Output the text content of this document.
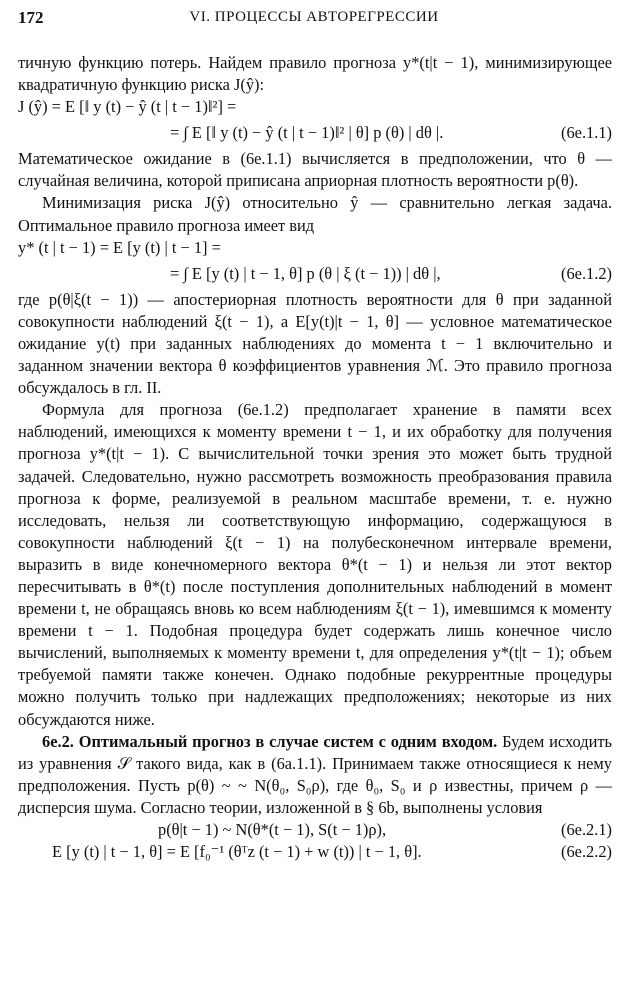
172	VI. ПРОЦЕССЫ АВТОРЕГРЕССИИ

тичную функцию потерь. Найдем правило прогноза y*(t|t − 1), минимизирующее квадратичную функцию риска J(ŷ):

J (ŷ) = E [‖ y (t) − ŷ (t | t − 1)‖²] =
= ∫ E [‖ y (t) − ŷ (t | t − 1)‖² | θ] p (θ) | dθ |.	(6e.1.1)

Математическое ожидание в (6e.1.1) вычисляется в предположении, что θ — случайная величина, которой приписана априорная плотность вероятности p(θ).

Минимизация риска J(ŷ) относительно ŷ — сравнительно легкая задача. Оптимальное правило прогноза имеет вид

y* (t | t − 1) = E [y (t) | t − 1] =
= ∫ E [y (t) | t − 1, θ] p (θ | ξ (t − 1)) | dθ |,	(6e.1.2)

где p(θ|ξ(t − 1)) — апостериорная плотность вероятности для θ при заданной совокупности наблюдений ξ(t − 1), а E[y(t)|t − 1, θ] — условное математическое ожидание y(t) при заданных наблюдениях до момента t − 1 включительно и заданном значении вектора θ коэффициентов уравнения ℳ. Это правило прогноза обсуждалось в гл. II.

Формула для прогноза (6e.1.2) предполагает хранение в памяти всех наблюдений, имеющихся к моменту времени t − 1, и их обработку для получения прогноза y*(t|t − 1). С вычислительной точки зрения это может быть трудной задачей. Следовательно, нужно рассмотреть возможность преобразования правила прогноза к форме, реализуемой в реальном масштабе времени, т. е. нужно исследовать, нельзя ли соответствующую информацию, содержащуюся в совокупности наблюдений ξ(t − 1) на полубесконечном интервале времени, выразить в виде конечномерного вектора θ*(t − 1) и нельзя ли этот вектор пересчитывать в θ*(t) после поступления дополнительных наблюдений в момент времени t, не обращаясь вновь ко всем наблюдениям ξ(t − 1), имевшимся к моменту времени t − 1. Подобная процедура будет содержать лишь конечное число вычислений, выполняемых к моменту времени t, для определения y*(t|t − 1); объем требуемой памяти также конечен. Однако подобные рекуррентные процедуры можно получить только при надлежащих предположениях; некоторые из них обсуждаются ниже.

6e.2. Оптимальный прогноз в случае систем с одним входом. Будем исходить из уравнения 𝒮 такого вида, как в (6a.1.1). Принимаем также относящиеся к нему предположения. Пусть p(θ) ~ ~ N(θ₀, S₀ρ), где θ₀, S₀ и ρ известны, причем ρ — дисперсия шума. Согласно теории, изложенной в § 6b, выполнены условия

p(θ|t − 1) ~ N(θ*(t − 1), S(t − 1)ρ),	(6e.2.1)
E [y (t) | t − 1, θ] = E [f₀⁻¹ (θᵀz (t − 1) + w (t)) | t − 1, θ].	(6e.2.2)
